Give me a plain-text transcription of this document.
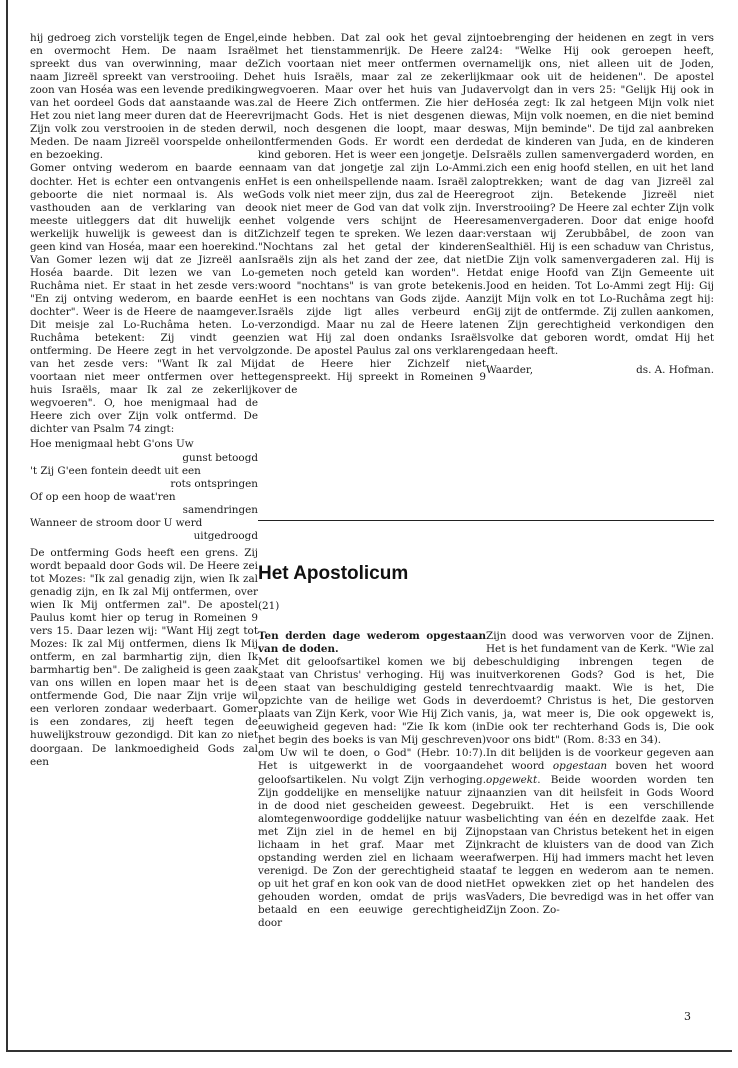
hij gedroeg zich vorstelijk tegen de Engel, en overmocht Hem. De naam Israël spreekt dus van overwinning, maar de naam Jizreël spreekt van verstrooiing. De zoon van Hoséa was een levende prediking van het oordeel Gods dat aanstaande was. Het zou niet lang meer duren dat de Heere Zijn volk zou verstrooien in de steden der Meden. De naam Jizreël voorspelde onheil en bezoeking.

Gomer ontving wederom en baarde een dochter. Het is echter een ontvangenis en geboorte die niet normaal is. Als we vasthouden aan de verklaring van de meeste uitleggers dat dit huwelijk een werkelijk huwelijk is geweest dan is dit geen kind van Hoséa, maar een hoerekind. Van Gomer lezen wij dat ze Jizreël aan Hoséa baarde. Dit lezen we van Lo-Ruchâma niet. Er staat in het zesde vers: "En zij ontving wederom, en baarde een dochter". Weer is de Heere de naamgever. Dit meisje zal Lo-Ruchâma heten. Lo-Ruchâma betekent: Zij vindt geen ontferming. De Heere zegt in het vervolg van het zesde vers: "Want Ik zal Mij voortaan niet meer ontfermen over het huis Israëls, maar Ik zal ze zekerlijk wegvoeren". O, hoe menigmaal had de Heere zich over Zijn volk ontfermd. De dichter van Psalm 74 zingt:

Hoe menigmaal hebt G'ons Uw
gunst betoogd
't Zij G'een fontein deedt uit een
rots ontspringen
Of op een hoop de waat'ren
samendringen
Wanneer de stroom door U werd
uitgedroogd

De ontferming Gods heeft een grens. Zij wordt bepaald door Gods wil. De Heere zei tot Mozes: "Ik zal genadig zijn, wien Ik zal genadig zijn, en Ik zal Mij ontfermen, over wien Ik Mij ontfermen zal". De apostel Paulus komt hier op terug in Romeinen 9 vers 15. Daar lezen wij: "Want Hij zegt tot Mozes: Ik zal Mij ontfermen, diens Ik Mij ontferm, en zal barmhartig zijn, dien Ik barmhartig ben". De zaligheid is geen zaak van ons willen en lopen maar het is de ontfermende God, Die naar Zijn vrije wil een verloren zondaar wederbaart. Gomer is een zondares, zij heeft tegen de huwelijkstrouw gezondigd. Dit kan zo niet doorgaan. De lankmoedigheid Gods zal een

einde hebben. Dat zal ook het geval zijn met het tienstammenrijk. De Heere zal Zich voortaan niet meer ontfermen over het huis Israëls, maar zal ze zekerlijk wegvoeren. Maar over het huis van Juda zal de Heere Zich ontfermen. Zie hier de vrijmacht Gods. Het is niet desgenen die wil, noch desgenen die loopt, maar des ontfermenden Gods. Er wordt een derde kind geboren. Het is weer een jongetje. De naam van dat jongetje zal zijn Lo-Ammi. Het is een onheilspellende naam. Israël zal Gods volk niet meer zijn, dus zal de Heere ook niet meer de God van dat volk zijn. In het volgende vers schijnt de Heere Zichzelf tegen te spreken. We lezen daar: "Nochtans zal het getal der kinderen Israëls zijn als het zand der zee, dat niet gemeten noch geteld kan worden". Het woord "nochtans" is van grote betekenis. Het is een nochtans van Gods zijde. Aan Israëls zijde ligt alles verbeurd en verzondigd. Maar nu zal de Heere laten zien wat Hij zal doen ondanks Israëls zonde. De apostel Paulus zal ons verklaren dat de Heere hier Zichzelf niet tegenspreekt. Hij spreekt in Romeinen 9 over de

toebrenging der heidenen en zegt in vers 24: "Welke Hij ook geroepen heeft, namelijk ons, niet alleen uit de Joden, maar ook uit de heidenen". De apostel vervolgt dan in vers 25: "Gelijk Hij ook in Hoséa zegt: Ik zal hetgeen Mijn volk niet was, Mijn volk noemen, en die niet bemind was, Mijn beminde". De tijd zal aanbreken dat de kinderen van Juda, en de kinderen Israëls zullen samenvergaderd worden, en zich een enig hoofd stellen, en uit het land optrekken; want de dag van Jizreël zal groot zijn. Betekende Jizreël niet verstrooiing? De Heere zal echter Zijn volk samenvergaderen. Door dat enige hoofd verstaan wij Zerubbâbel, de zoon van Sealthiël. Hij is een schaduw van Christus, Die Zijn volk samenvergaderen zal. Hij is dat enige Hoofd van Zijn Gemeente uit Jood en heiden. Tot Lo-Ammi zegt Hij: Gij zijt Mijn volk en tot Lo-Ruchâma zegt hij: Gij zijt de ontfermde. Zij zullen aankomen, en Zijn gerechtigheid verkondigen den volke dat geboren wordt, omdat Hij het gedaan heeft.

Waarder,	ds. A. Hofman.
Het Apostolicum
(21)

Ten derden dage wederom opgestaan van de doden.

Met dit geloofsartikel komen we bij de staat van Christus' verhoging. Hij was in een staat van beschuldiging gesteld ten opzichte van de heilige wet Gods in de plaats van Zijn Kerk, voor Wie Hij Zich van eeuwigheid gegeven had: "Zie Ik kom (in het begin des boeks is van Mij geschreven) om Uw wil te doen, o God" (Hebr. 10:7). Het is uitgewerkt in de voorgaande geloofsartikelen. Nu volgt Zijn verhoging. Zijn goddelijke en menselijke natuur zijn in de dood niet gescheiden geweest. De alomtegenwoordige goddelijke natuur was met Zijn ziel in de hemel en bij Zijn lichaam in het graf. Maar met Zijn opstanding werden ziel en lichaam weer verenigd. De Zon der gerechtigheid staat op uit het graf en kon ook van de dood niet gehouden worden, omdat de prijs was betaald en een eeuwige gerechtigheid door

Zijn dood was verworven voor de Zijnen. Het is het fundament van de Kerk. "Wie zal beschuldiging inbrengen tegen de uitverkorenen Gods? God is het, Die rechtvaardig maakt. Wie is het, Die verdoemt? Christus is het, Die gestorven is, ja, wat meer is, Die ook opgewekt is, Die ook ter rechterhand Gods is, Die ook voor ons bidt" (Rom. 8:33 en 34).

In dit belijden is de voorkeur gegeven aan het woord opgestaan boven het woord opgewekt. Beide woorden worden ten aanzien van dit heilsfeit in Gods Woord gebruikt. Het is een verschillende belichting van één en dezelfde zaak. Het opstaan van Christus betekent het in eigen kracht de kluisters van de dood van Zich afwerpen. Hij had immers macht het leven af te leggen en wederom aan te nemen. Het opwekken ziet op het handelen des Vaders, Die bevredigd was in het offer van Zijn Zoon. Zo-

3
